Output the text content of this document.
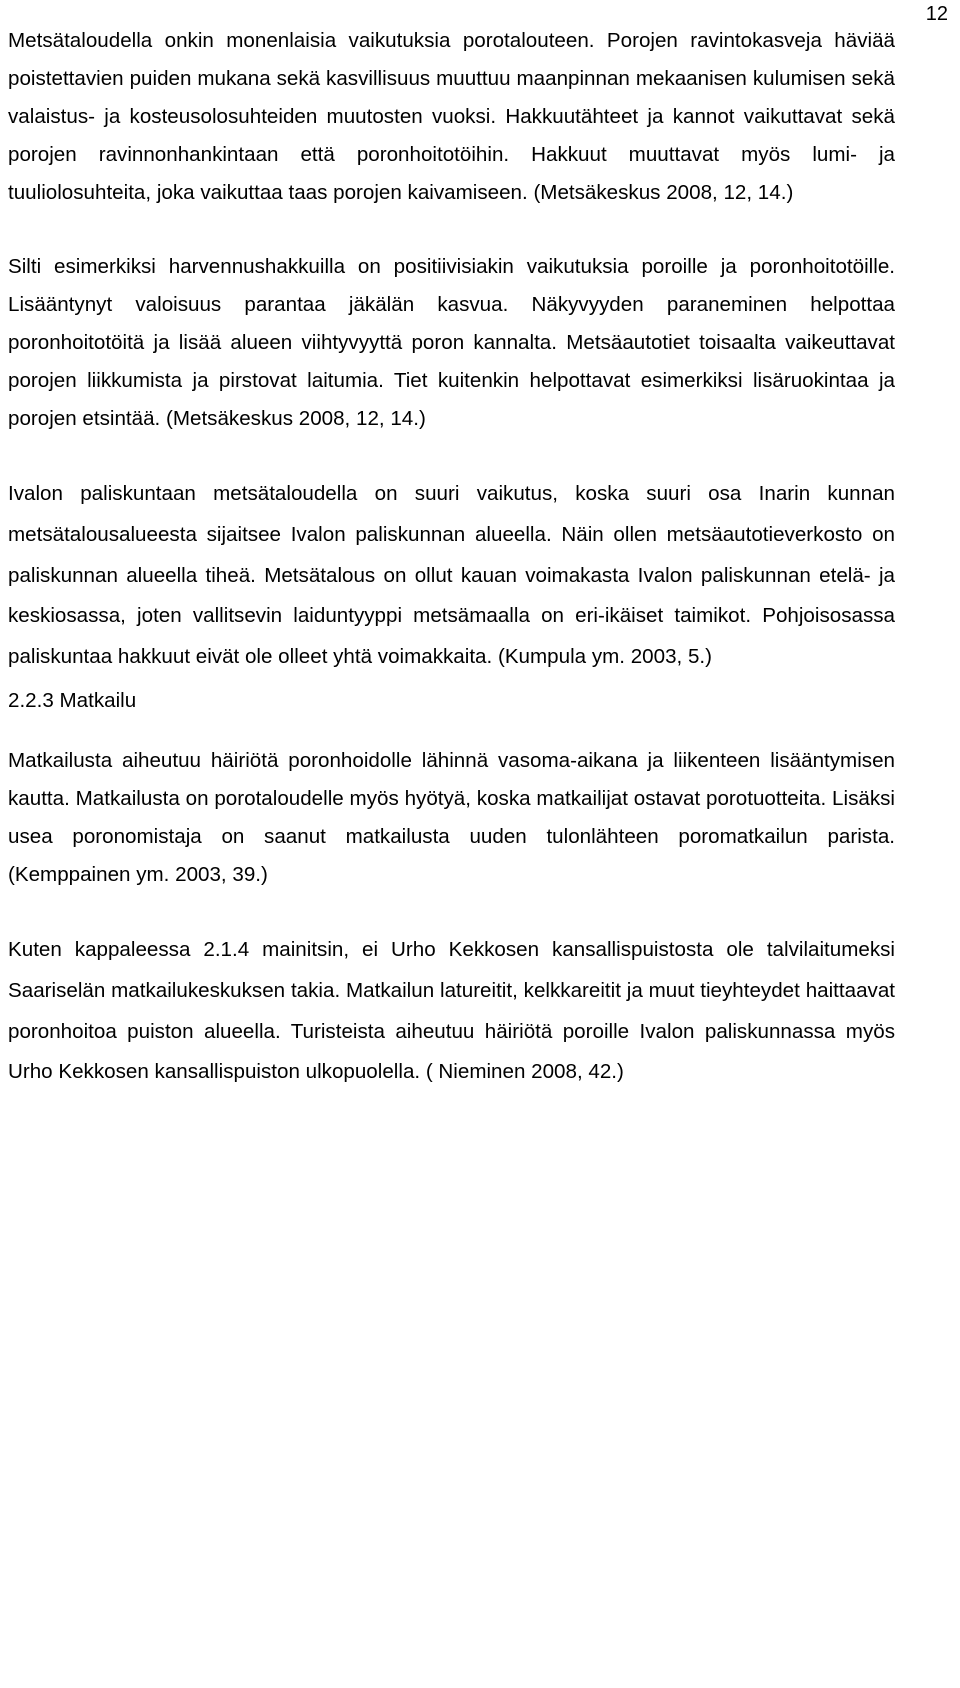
12

Metsätaloudella onkin monenlaisia vaikutuksia porotalouteen. Porojen ravintokasveja häviää poistettavien puiden mukana sekä kasvillisuus muuttuu maanpinnan mekaanisen kulumisen sekä valaistus- ja kosteusolosuhteiden muutosten vuoksi. Hakkuutähteet ja kannot vaikuttavat sekä porojen ravinnonhankintaan että poronhoitotöihin. Hakkuut muuttavat myös lumi- ja tuuliolosuhteita, joka vaikuttaa taas porojen kaivamiseen. (Metsäkeskus 2008, 12, 14.)

Silti esimerkiksi harvennushakkuilla on positiivisiakin vaikutuksia poroille ja poronhoitotöille. Lisääntynyt valoisuus parantaa jäkälän kasvua. Näkyvyyden paraneminen helpottaa poronhoitotöitä ja lisää alueen viihtyvyyttä poron kannalta. Metsäautotiet toisaalta vaikeuttavat porojen liikkumista ja pirstovat laitumia. Tiet kuitenkin helpottavat esimerkiksi lisäruokintaa ja porojen etsintää. (Metsäkeskus 2008, 12, 14.)

Ivalon paliskuntaan metsätaloudella on suuri vaikutus, koska suuri osa Inarin kunnan metsätalousalueesta sijaitsee Ivalon paliskunnan alueella. Näin ollen metsäautotieverkosto on paliskunnan alueella tiheä. Metsätalous on ollut kauan voimakasta Ivalon paliskunnan etelä- ja keskiosassa, joten vallitsevin laiduntyyppi metsämaalla on eri-ikäiset taimikot. Pohjoisosassa paliskuntaa hakkuut eivät ole olleet yhtä voimakkaita. (Kumpula ym. 2003, 5.)

2.2.3 Matkailu

Matkailusta aiheutuu häiriötä poronhoidolle lähinnä vasoma-aikana ja liikenteen lisääntymisen kautta. Matkailusta on porotaloudelle myös hyötyä, koska matkailijat ostavat porotuotteita. Lisäksi usea poronomistaja on saanut matkailusta uuden tulonlähteen poromatkailun parista. (Kemppainen ym. 2003, 39.)

Kuten kappaleessa 2.1.4 mainitsin, ei Urho Kekkosen kansallispuistosta ole talvilaitumeksi Saariselän matkailukeskuksen takia. Matkailun latureitit, kelkkareitit ja muut tieyhteydet haittaavat poronhoitoa puiston alueella. Turisteista aiheutuu häiriötä poroille Ivalon paliskunnassa myös Urho Kekkosen kansallispuiston ulkopuolella. ( Nieminen 2008, 42.)
